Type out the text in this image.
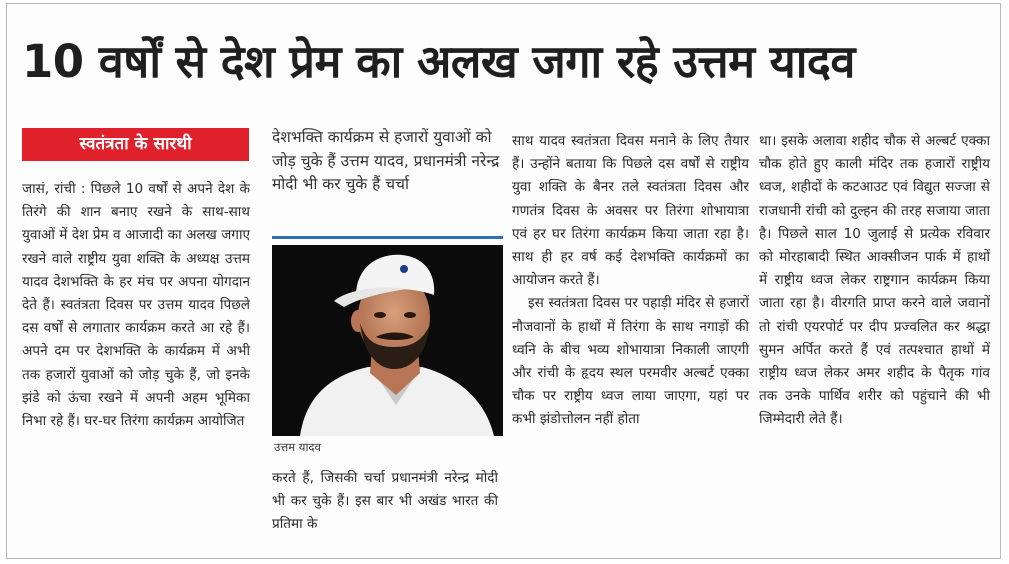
10 वर्षों से देश प्रेम का अलख जगा रहे उत्तम यादव
स्वतंत्रता के सारथी

जासं, रांची : पिछले 10 वर्षों से अपने देश के तिरंगे की शान बनाए रखने के साथ-साथ युवाओं में देश प्रेम व आजादी का अलख जगाए रखने वाले राष्ट्रीय युवा शक्ति के अध्यक्ष उत्तम यादव देशभक्ति के हर मंच पर अपना योगदान देते हैं। स्वतंत्रता दिवस पर उत्तम यादव पिछले दस वर्षों से लगातार कार्यक्रम करते आ रहे हैं। अपने दम पर देशभक्ति के कार्यक्रम में अभी तक हजारों युवाओं को जोड़ चुके हैं, जो इनके झंडे को ऊंचा रखने में अपनी अहम भूमिका निभा रहे हैं। घर-घर तिरंगा कार्यक्रम आयोजित

देशभक्ति कार्यक्रम से हजारों युवाओं को जोड़ चुके हैं उत्तम यादव, प्रधानमंत्री नरेन्द्र मोदी भी कर चुके हैं चर्चा
उत्तम यादव

करते हैं, जिसकी चर्चा प्रधानमंत्री नरेन्द्र मोदी भी कर चुके हैं। इस बार भी अखंड भारत की प्रतिमा के

साथ यादव स्वतंत्रता दिवस मनाने के लिए तैयार हैं। उन्होंने बताया कि पिछले दस वर्षों से राष्ट्रीय युवा शक्ति के बैनर तले स्वतंत्रता दिवस और गणतंत्र दिवस के अवसर पर तिरंगा शोभायात्रा एवं हर घर तिरंगा कार्यक्रम किया जाता रहा है। साथ ही हर वर्ष कई देशभक्ति कार्यक्रमों का आयोजन करते हैं।

इस स्वतंत्रता दिवस पर पहाड़ी मंदिर से हजारों नौजवानों के हाथों में तिरंगा के साथ नगाड़ों की ध्वनि के बीच भव्य शोभायात्रा निकाली जाएगी और रांची के हृदय स्थल परमवीर अल्बर्ट एक्का चौक पर राष्ट्रीय ध्वज लाया जाएगा, यहां पर कभी झंडोत्तोलन नहीं होता

था। इसके अलावा शहीद चौक से अल्बर्ट एक्का चौक होते हुए काली मंदिर तक हजारों राष्ट्रीय ध्वज, शहीदों के कटआउट एवं विद्युत सज्जा से राजधानी रांची को दुल्हन की तरह सजाया जाता है। पिछले साल 10 जुलाई से प्रत्येक रविवार को मोरहाबादी स्थित आक्सीजन पार्क में हाथों में राष्ट्रीय ध्वज लेकर राष्ट्रगान कार्यक्रम किया जाता रहा है। वीरगति प्राप्त करने वाले जवानों तो रांची एयरपोर्ट पर दीप प्रज्वलित कर श्रद्धा सुमन अर्पित करते हैं एवं तत्पश्चात हाथों में राष्ट्रीय ध्वज लेकर अमर शहीद के पैतृक गांव तक उनके पार्थिव शरीर को पहुंचाने की भी जिम्मेदारी लेते हैं।
